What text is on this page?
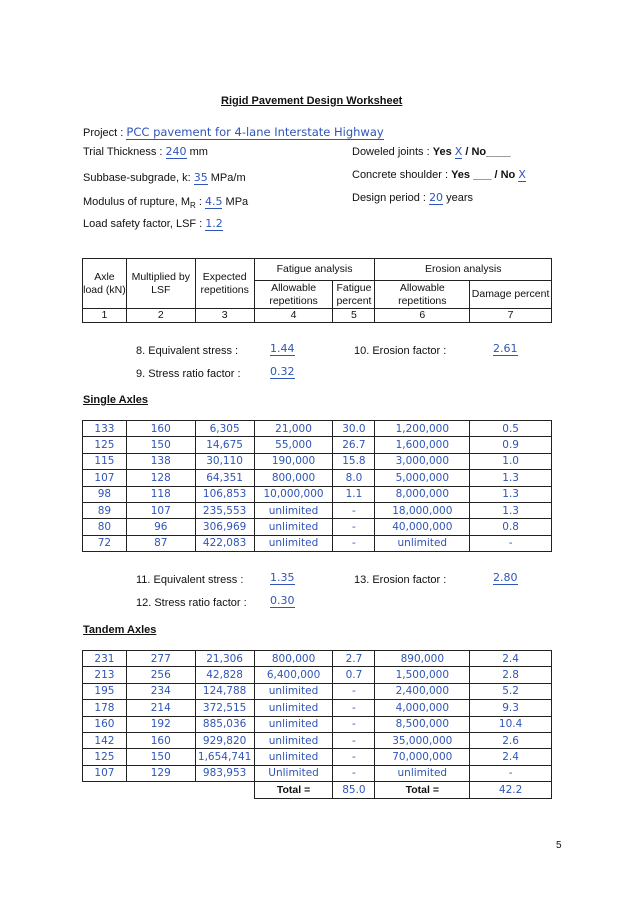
Rigid Pavement Design Worksheet
Project : PCC pavement for 4-lane Interstate Highway
Trial Thickness : 240 mm
Subbase-subgrade, k: 35 MPa/m
Modulus of rupture, $M_R$ : 4.5 MPa
Load safety factor, LSF : 1.2
Doweled joints : Yes X / No____
Concrete shoulder : Yes ___ / No X
Design period : 20 years
Axle load (kN)	Multiplied by LSF	Expected repetitions	Fatigue analysis		Erosion analysis	
			Allowable repetitions	Fatigue percent	Allowable repetitions	Damage percent
1	2	3	4	5	6	7
8. Equivalent stress :	1.44	10. Erosion factor :	2.61
9. Stress ratio factor :	0.32
Single Axles
133	160	6,305	21,000	30.0	1,200,000	0.5
125	150	14,675	55,000	26.7	1,600,000	0.9
115	138	30,110	190,000	15.8	3,000,000	1.0
107	128	64,351	800,000	8.0	5,000,000	1.3
98	118	106,853	10,000,000	1.1	8,000,000	1.3
89	107	235,553	unlimited	-	18,000,000	1.3
80	96	306,969	unlimited	-	40,000,000	0.8
72	87	422,083	unlimited	-	unlimited	-
11. Equivalent stress : 1.35	13. Erosion factor :	2.80
12. Stress ratio factor : 0.30
Tandem Axles
231	277	21,306	800,000	2.7	890,000	2.4
213	256	42,828	6,400,000	0.7	1,500,000	2.8
195	234	124,788	unlimited	-	2,400,000	5.2
178	214	372,515	unlimited	-	4,000,000	9.3
160	192	885,036	unlimited	-	8,500,000	10.4
142	160	929,820	unlimited	-	35,000,000	2.6
125	150	1,654,741	unlimited	-	70,000,000	2.4
107	129	983,953	Unlimited	-	unlimited	-
			Total =	85.0	Total =	42.2
5
